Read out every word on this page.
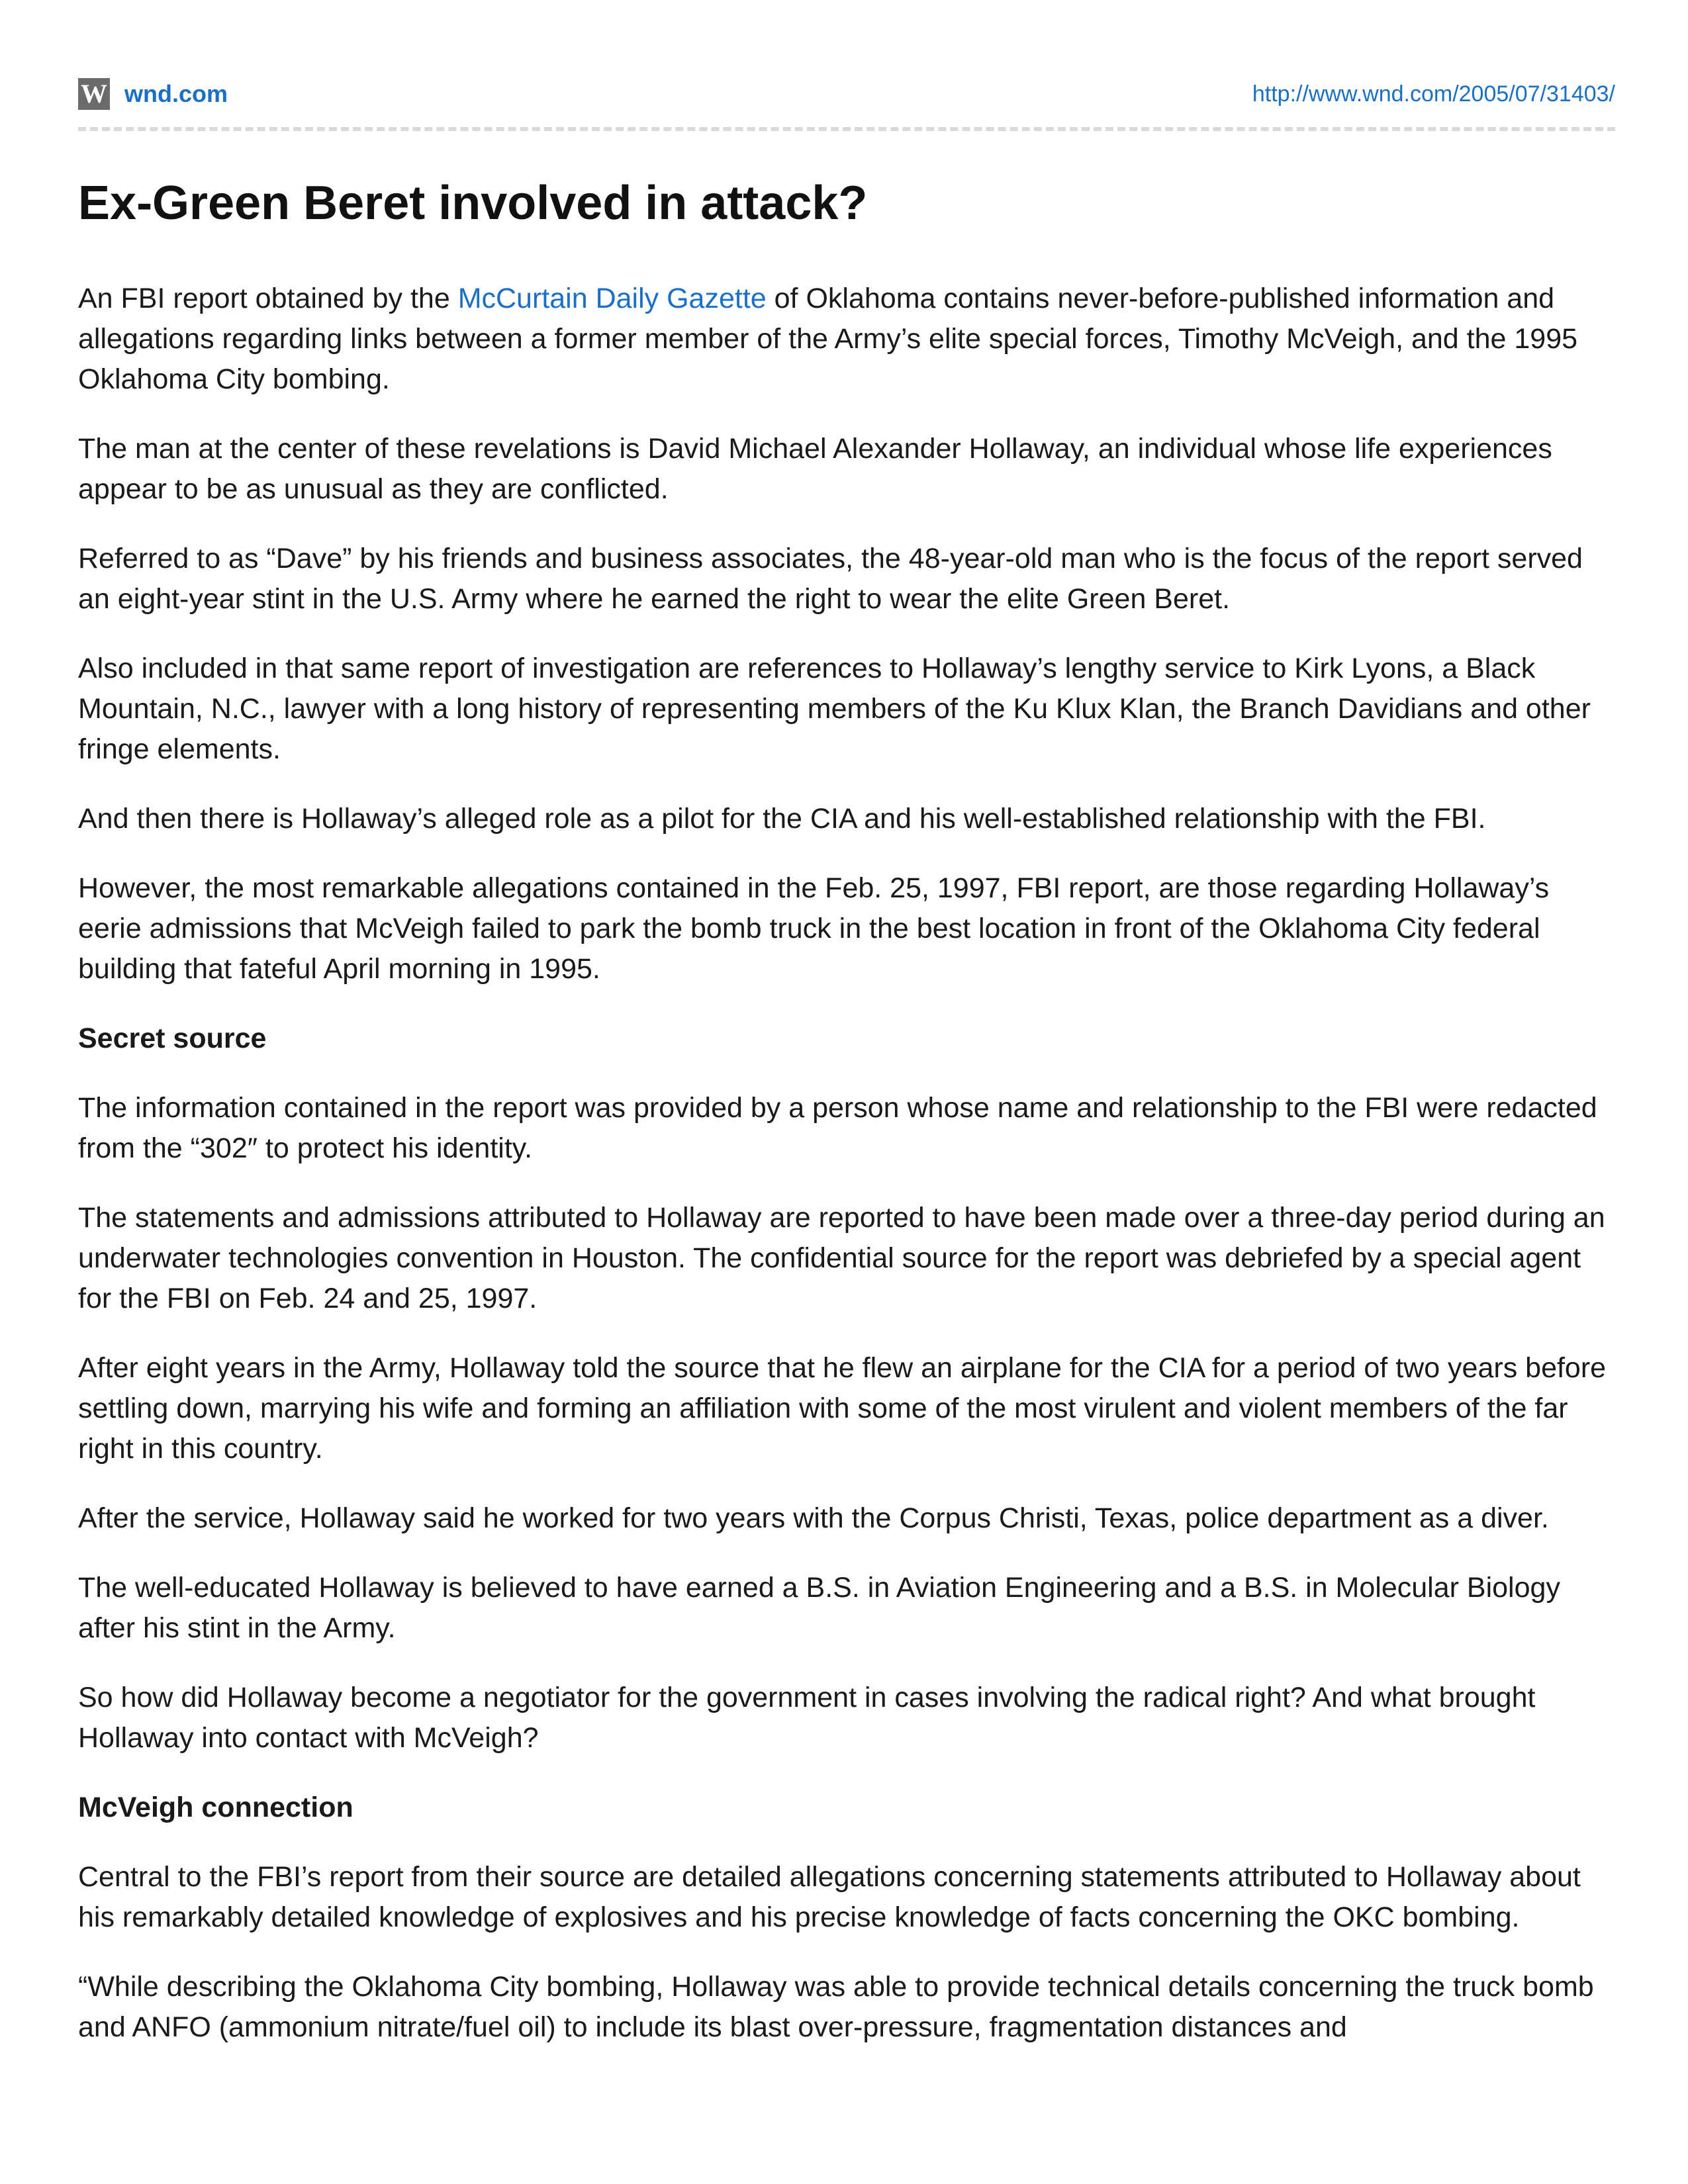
W wnd.com	http://www.wnd.com/2005/07/31403/
Ex-Green Beret involved in attack?

An FBI report obtained by the McCurtain Daily Gazette of Oklahoma contains never-before-published information and allegations regarding links between a former member of the Army’s elite special forces, Timothy McVeigh, and the 1995 Oklahoma City bombing.

The man at the center of these revelations is David Michael Alexander Hollaway, an individual whose life experiences appear to be as unusual as they are conflicted.

Referred to as “Dave” by his friends and business associates, the 48-year-old man who is the focus of the report served an eight-year stint in the U.S. Army where he earned the right to wear the elite Green Beret.

Also included in that same report of investigation are references to Hollaway’s lengthy service to Kirk Lyons, a Black Mountain, N.C., lawyer with a long history of representing members of the Ku Klux Klan, the Branch Davidians and other fringe elements.

And then there is Hollaway’s alleged role as a pilot for the CIA and his well-established relationship with the FBI.

However, the most remarkable allegations contained in the Feb. 25, 1997, FBI report, are those regarding Hollaway’s eerie admissions that McVeigh failed to park the bomb truck in the best location in front of the Oklahoma City federal building that fateful April morning in 1995.

Secret source

The information contained in the report was provided by a person whose name and relationship to the FBI were redacted from the “302″ to protect his identity.

The statements and admissions attributed to Hollaway are reported to have been made over a three-day period during an underwater technologies convention in Houston. The confidential source for the report was debriefed by a special agent for the FBI on Feb. 24 and 25, 1997.

After eight years in the Army, Hollaway told the source that he flew an airplane for the CIA for a period of two years before settling down, marrying his wife and forming an affiliation with some of the most virulent and violent members of the far right in this country.

After the service, Hollaway said he worked for two years with the Corpus Christi, Texas, police department as a diver.

The well-educated Hollaway is believed to have earned a B.S. in Aviation Engineering and a B.S. in Molecular Biology after his stint in the Army.

So how did Hollaway become a negotiator for the government in cases involving the radical right? And what brought Hollaway into contact with McVeigh?

McVeigh connection

Central to the FBI’s report from their source are detailed allegations concerning statements attributed to Hollaway about his remarkably detailed knowledge of explosives and his precise knowledge of facts concerning the OKC bombing.

“While describing the Oklahoma City bombing, Hollaway was able to provide technical details concerning the truck bomb and ANFO (ammonium nitrate/fuel oil) to include its blast over-pressure, fragmentation distances and
